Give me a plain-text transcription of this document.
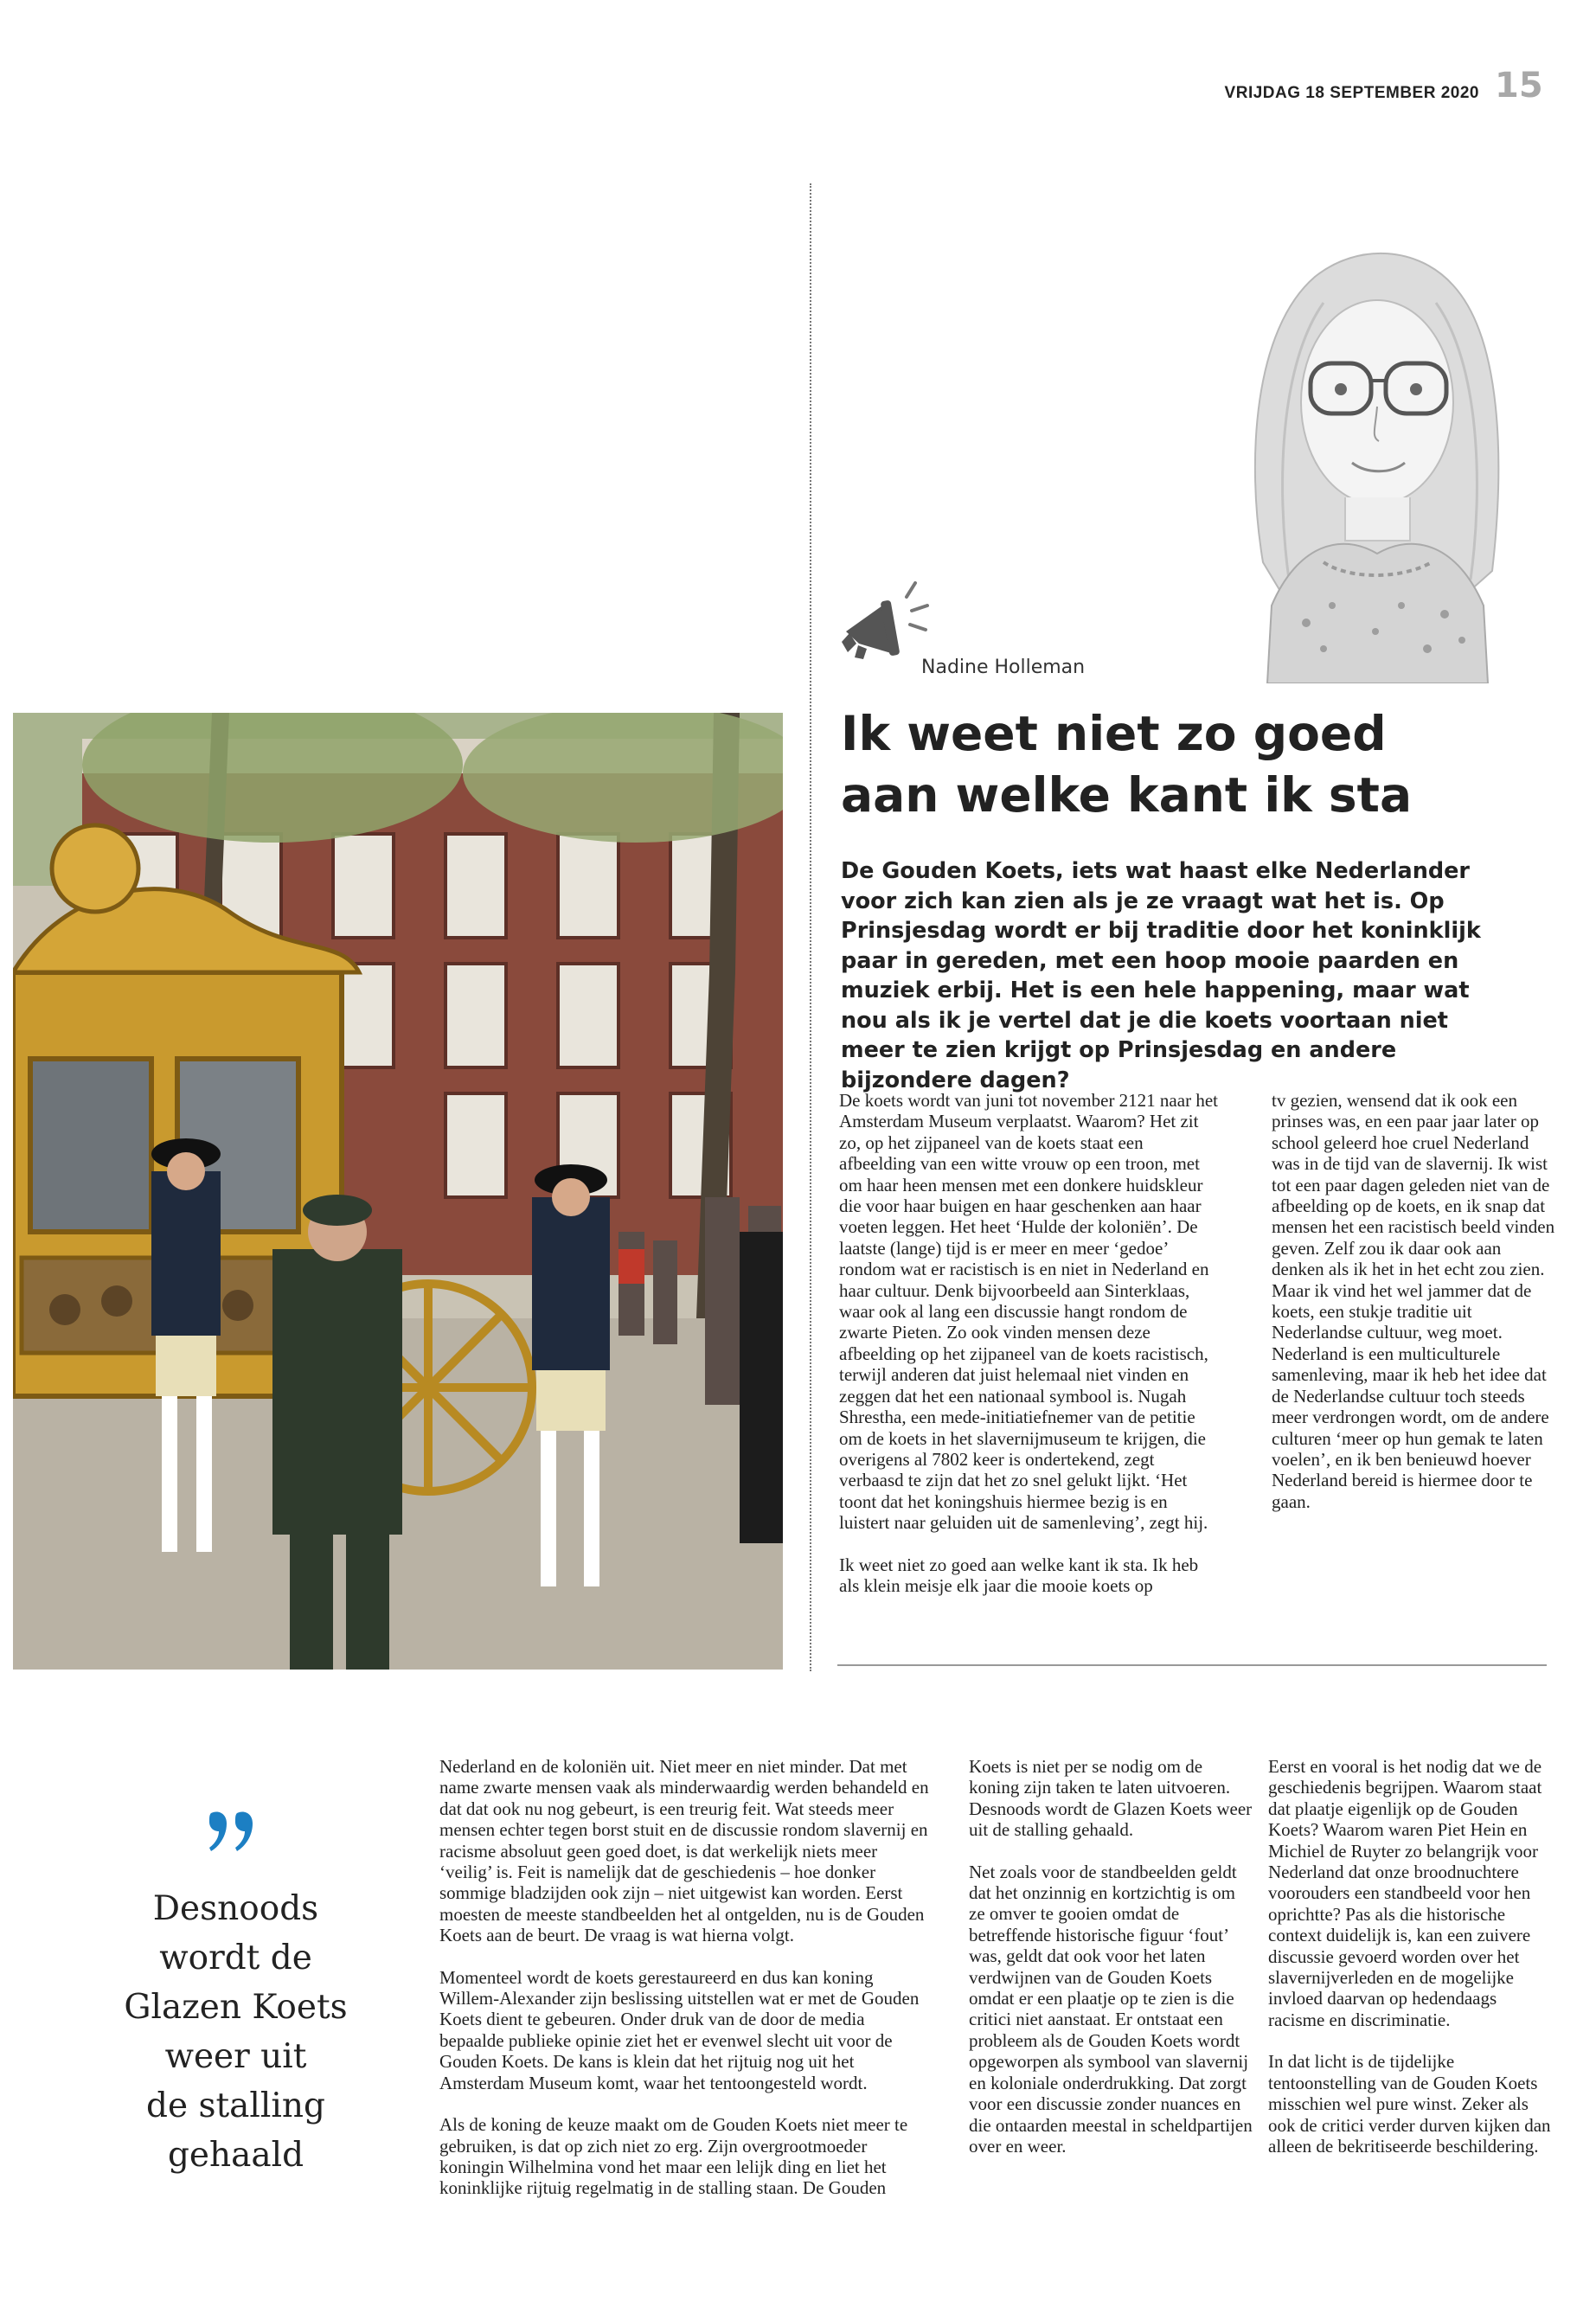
VRIJDAG 18 SEPTEMBER 2020 15
Nadine Holleman
Ik weet niet zo goed
aan welke kant ik sta

De Gouden Koets, iets wat haast elke Nederlander voor zich kan zien als je ze vraagt wat het is. Op Prinsjesdag wordt er bij traditie door het koninklijk paar in gereden, met een hoop mooie paarden en muziek erbij. Het is een hele happening, maar wat nou als ik je vertel dat je die koets voortaan niet meer te zien krijgt op Prinsjesdag en andere bijzondere dagen?

De koets wordt van juni tot november 2121 naar het Amsterdam Museum verplaatst. Waarom? Het zit zo, op het zijpaneel van de koets staat een afbeelding van een witte vrouw op een troon, met om haar heen mensen met een donkere huidskleur die voor haar buigen en haar geschenken aan haar voeten leggen. Het heet ‘Hulde der koloniën’. De laatste (lange) tijd is er meer en meer ‘gedoe’ rondom wat er racistisch is en niet in Nederland en haar cultuur. Denk bijvoorbeeld aan Sinterklaas, waar ook al lang een discussie hangt rondom de zwarte Pieten. Zo ook vinden mensen deze afbeelding op het zijpaneel van de koets racistisch, terwijl anderen dat juist helemaal niet vinden en zeggen dat het een nationaal symbool is. Nugah Shrestha, een mede-initiatiefnemer van de petitie om de koets in het slavernijmuseum te krijgen, die overigens al 7802 keer is ondertekend, zegt verbaasd te zijn dat het zo snel gelukt lijkt. ‘Het toont dat het koningshuis hiermee bezig is en luistert naar geluiden uit de samenleving’, zegt hij.

Ik weet niet zo goed aan welke kant ik sta. Ik heb als klein meisje elk jaar die mooie koets op

tv gezien, wensend dat ik ook een prinses was, en een paar jaar later op school geleerd hoe cruel Nederland was in de tijd van de slavernij. Ik wist tot een paar dagen geleden niet van de afbeelding op de koets, en ik snap dat mensen het een racistisch beeld vinden geven. Zelf zou ik daar ook aan denken als ik het in het echt zou zien. Maar ik vind het wel jammer dat de koets, een stukje traditie uit Nederlandse cultuur, weg moet. Nederland is een multiculturele samenleving, maar ik heb het idee dat de Nederlandse cultuur toch steeds meer verdrongen wordt, om de andere culturen ‘meer op hun gemak te laten voelen’, en ik ben benieuwd hoever Nederland bereid is hiermee door te gaan.

Desnoods
wordt de
Glazen Koets
weer uit
de stalling
gehaald

Nederland en de koloniën uit. Niet meer en niet minder. Dat met name zwarte mensen vaak als minderwaardig werden behandeld en dat dat ook nu nog gebeurt, is een treurig feit. Wat steeds meer mensen echter tegen borst stuit en de discussie rondom slavernij en racisme absoluut geen goed doet, is dat werkelijk niets meer ‘veilig’ is. Feit is namelijk dat de geschiedenis – hoe donker sommige bladzijden ook zijn – niet uitgewist kan worden. Eerst moesten de meeste standbeelden het al ontgelden, nu is de Gouden Koets aan de beurt. De vraag is wat hierna volgt.

Momenteel wordt de koets gerestaureerd en dus kan koning Willem-Alexander zijn beslissing uitstellen wat er met de Gouden Koets dient te gebeuren. Onder druk van de door de media bepaalde publieke opinie ziet het er evenwel slecht uit voor de Gouden Koets. De kans is klein dat het rijtuig nog uit het Amsterdam Museum komt, waar het tentoongesteld wordt.

Als de koning de keuze maakt om de Gouden Koets niet meer te gebruiken, is dat op zich niet zo erg. Zijn overgrootmoeder koningin Wilhelmina vond het maar een lelijk ding en liet het koninklijke rijtuig regelmatig in de stalling staan. De Gouden

Koets is niet per se nodig om de koning zijn taken te laten uitvoeren. Desnoods wordt de Glazen Koets weer uit de stalling gehaald.

Net zoals voor de standbeelden geldt dat het onzinnig en kortzichtig is om ze omver te gooien omdat de betreffende historische figuur ‘fout’ was, geldt dat ook voor het laten verdwijnen van de Gouden Koets omdat er een plaatje op te zien is die critici niet aanstaat. Er ontstaat een probleem als de Gouden Koets wordt opgeworpen als symbool van slavernij en koloniale onderdrukking. Dat zorgt voor een discussie zonder nuances en die ontaarden meestal in scheldpartijen over en weer.

Eerst en vooral is het nodig dat we de geschiedenis begrijpen. Waarom staat dat plaatje eigenlijk op de Gouden Koets? Waarom waren Piet Hein en Michiel de Ruyter zo belangrijk voor Nederland dat onze broodnuchtere voorouders een standbeeld voor hen oprichtte? Pas als die historische context duidelijk is, kan een zuivere discussie gevoerd worden over het slavernijverleden en de mogelijke invloed daarvan op hedendaags racisme en discriminatie.

In dat licht is de tijdelijke tentoonstelling van de Gouden Koets misschien wel pure winst. Zeker als ook de critici verder durven kijken dan alleen de bekritiseerde beschildering.
